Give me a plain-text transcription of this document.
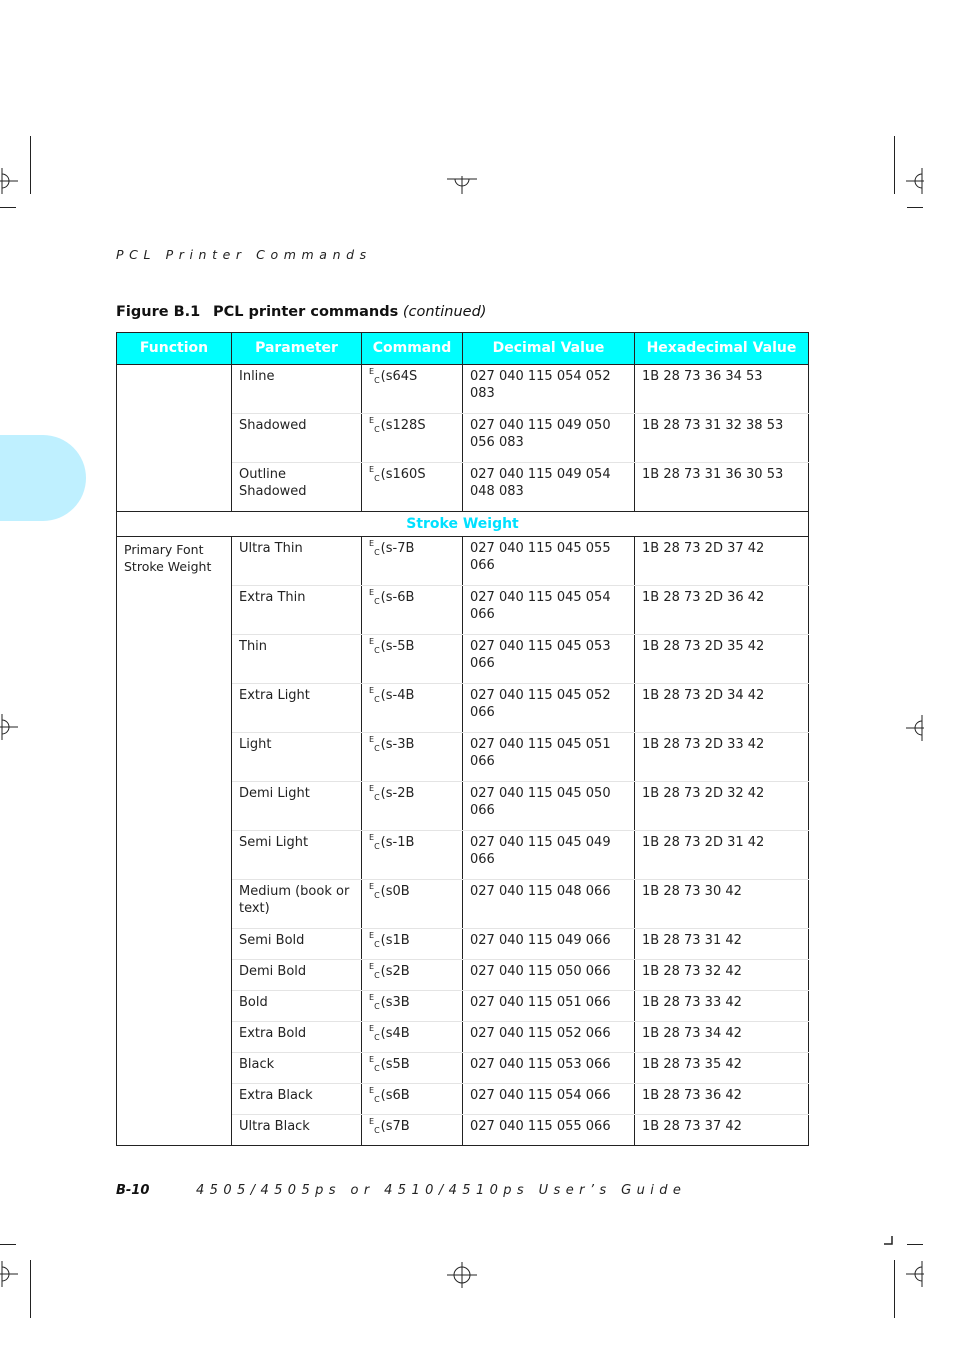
PCL Printer Commands
Figure B.1 PCL printer commands (continued)
Function	Parameter	Command	Decimal Value	Hexadecimal Value
	Inline	$^E_C$(s64S	027 040 115 054 052 083	1B 28 73 36 34 53
	Shadowed	$^E_C$(s128S	027 040 115 049 050 056 083	1B 28 73 31 32 38 53
	Outline Shadowed	$^E_C$(s160S	027 040 115 049 054 048 083	1B 28 73 31 36 30 53
Stroke Weight				
Primary Font Stroke Weight	Ultra Thin	$^E_C$(s-7B	027 040 115 045 055 066	1B 28 73 2D 37 42
	Extra Thin	$^E_C$(s-6B	027 040 115 045 054 066	1B 28 73 2D 36 42
	Thin	$^E_C$(s-5B	027 040 115 045 053 066	1B 28 73 2D 35 42
	Extra Light	$^E_C$(s-4B	027 040 115 045 052 066	1B 28 73 2D 34 42
	Light	$^E_C$(s-3B	027 040 115 045 051 066	1B 28 73 2D 33 42
	Demi Light	$^E_C$(s-2B	027 040 115 045 050 066	1B 28 73 2D 32 42
	Semi Light	$^E_C$(s-1B	027 040 115 045 049 066	1B 28 73 2D 31 42
	Medium (book or text)	$^E_C$(s0B	027 040 115 048 066	1B 28 73 30 42
	Semi Bold	$^E_C$(s1B	027 040 115 049 066	1B 28 73 31 42
	Demi Bold	$^E_C$(s2B	027 040 115 050 066	1B 28 73 32 42
	Bold	$^E_C$(s3B	027 040 115 051 066	1B 28 73 33 42
	Extra Bold	$^E_C$(s4B	027 040 115 052 066	1B 28 73 34 42
	Black	$^E_C$(s5B	027 040 115 053 066	1B 28 73 35 42
	Extra Black	$^E_C$(s6B	027 040 115 054 066	1B 28 73 36 42
	Ultra Black	$^E_C$(s7B	027 040 115 055 066	1B 28 73 37 42
B-10	4505/4505ps or 4510/4510ps User’s Guide
